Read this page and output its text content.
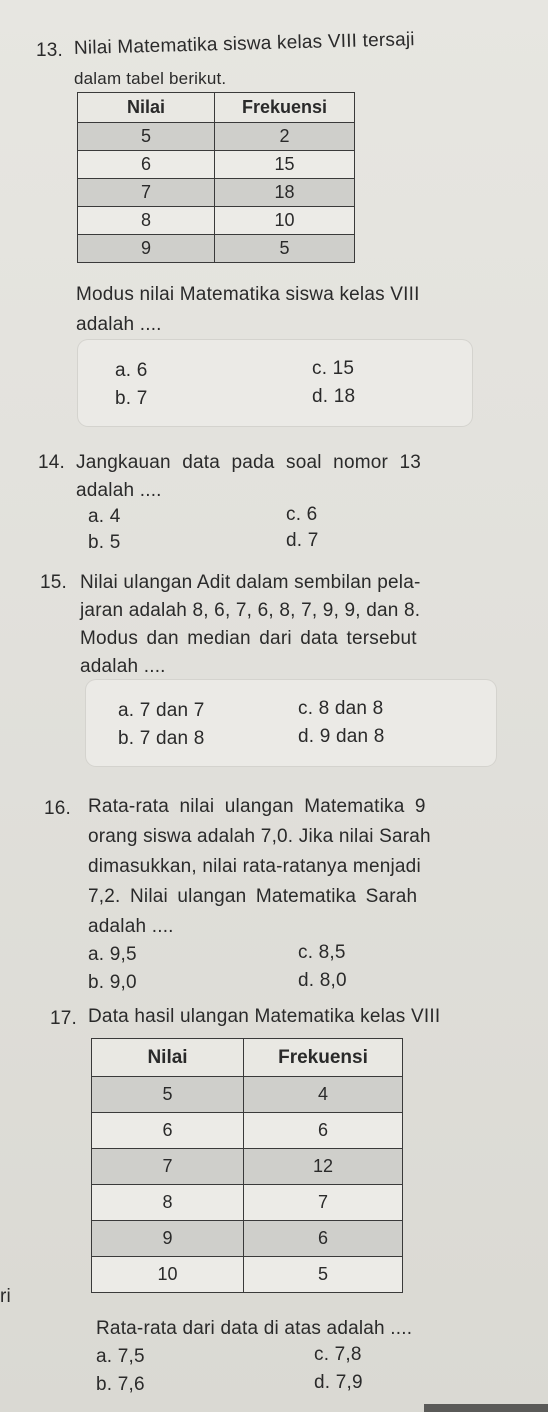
13. Nilai Matematika siswa kelas VIII tersaji
dalam tabel berikut.
Nilai	Frekuensi
5	2
6	15
7	18
8	10
9	5
Modus nilai Matematika siswa kelas VIII
adalah ....
a. 6	c. 15
b. 7	d. 18
14. Jangkauan data pada soal nomor 13
adalah ....
a. 4	c. 6
b. 5	d. 7
15. Nilai ulangan Adit dalam sembilan pela-
jaran adalah 8, 6, 7, 6, 8, 7, 9, 9, dan 8.
Modus dan median dari data tersebut
adalah ....
a. 7 dan 7	c. 8 dan 8
b. 7 dan 8	d. 9 dan 8
16. Rata-rata nilai ulangan Matematika 9
orang siswa adalah 7,0. Jika nilai Sarah
dimasukkan, nilai rata-ratanya menjadi
7,2. Nilai ulangan Matematika Sarah
adalah ....
a. 9,5	c. 8,5
b. 9,0	d. 8,0
17. Data hasil ulangan Matematika kelas VIII
Nilai	Frekuensi
5	4
6	6
7	12
8	7
9	6
10	5
ri
Rata-rata dari data di atas adalah ....
a. 7,5	c. 7,8
b. 7,6	d. 7,9
